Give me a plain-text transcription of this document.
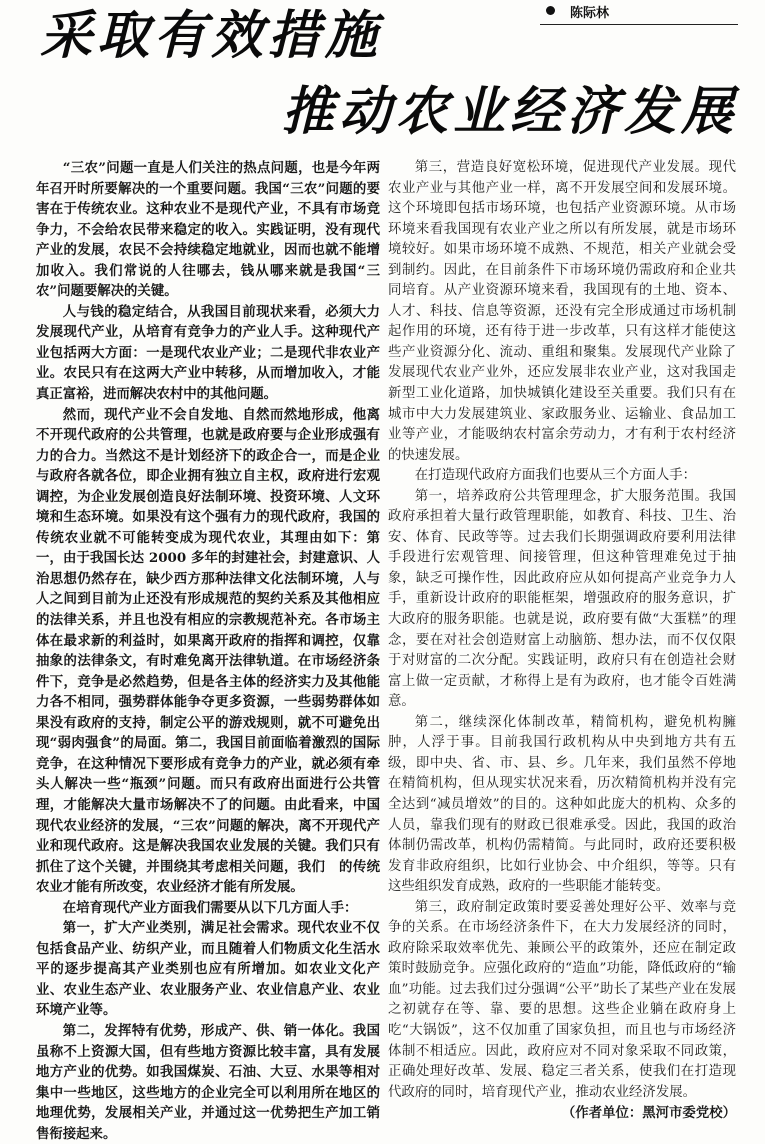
采取有效措施
推动农业经济发展
陈际林

“三农”问题一直是人们关注的热点问题，也是今年两年召开时所要解决的一个重要问题。我国“三农”问题的要害在于传统农业。这种农业不是现代产业，不具有市场竞争力，不会给农民带来稳定的收入。实践证明，没有现代产业的发展，农民不会持续稳定地就业，因而也就不能增加收入。我们常说的人往哪去，钱从哪来就是我国“三农”问题要解决的关键。

人与钱的稳定结合，从我国目前现状来看，必须大力发展现代产业，从培育有竞争力的产业人手。这种现代产业包括两大方面：一是现代农业产业；二是现代非农业产业。农民只有在这两大产业中转移，从而增加收入，才能真正富裕，进而解决农村中的其他问题。

然而，现代产业不会自发地、自然而然地形成，他离不开现代政府的公共管理，也就是政府要与企业形成强有力的合力。当然这不是计划经济下的政企合一，而是企业与政府各就各位，即企业拥有独立自主权，政府进行宏观调控，为企业发展创造良好法制环境、投资环境、人文环境和生态环境。如果没有这个强有力的现代政府，我国的传统农业就不可能转变成为现代农业，其理由如下：第一，由于我国长达 2000 多年的封建社会，封建意识、人治思想仍然存在，缺少西方那种法律文化法制环境，人与人之间到目前为止还没有形成规范的契约关系及其他相应的法律关系，并且也没有相应的宗教规范补充。各市场主体在最求新的利益时，如果离开政府的指挥和调控，仅靠抽象的法律条文，有时难免离开法律轨道。在市场经济条件下，竞争是必然趋势，但是各主体的经济实力及其他能力各不相同，强势群体能争夺更多资源，一些弱势群体如果没有政府的支持，制定公平的游戏规则，就不可避免出现“弱肉强食”的局面。第二，我国目前面临着激烈的国际竞争，在这种情况下要形成有竞争力的产业，就必须有牵头人解决一些“瓶颈”问题。而只有政府出面进行公共管理，才能解决大量市场解决不了的问题。由此看来，中国现代农业经济的发展，“三农”问题的解决，离不开现代产业和现代政府。这是解决我国农业发展的关键。我们只有抓住了这个关键，并围绕其考虑相关问题，我们　的传统农业才能有所改变，农业经济才能有所发展。

在培育现代产业方面我们需要从以下几方面人手：

第一，扩大产业类别，满足社会需求。现代农业不仅包括食品产业、纺织产业，而且随着人们物质文化生活水平的逐步提高其产业类别也应有所增加。如农业文化产业、农业生态产业、农业服务产业、农业信息产业、农业环境产业等。

第二，发挥特有优势，形成产、供、销一体化。我国虽称不上资源大国，但有些地方资源比较丰富，具有发展地方产业的优势。如我国煤炭、石油、大豆、水果等相对集中一些地区，这些地方的企业完全可以利用所在地区的地理优势，发展相关产业，并通过这一优势把生产加工销售衔接起来。

第三，营造良好宽松环境，促进现代产业发展。现代农业产业与其他产业一样，离不开发展空间和发展环境。这个环境即包括市场环境，也包括产业资源环境。从市场环境来看我国现有农业产业之所以有所发展，就是市场环境较好。如果市场环境不成熟、不规范，相关产业就会受到制约。因此，在目前条件下市场环境仍需政府和企业共同培育。从产业资源环境来看，我国现有的土地、资本、人才、科技、信息等资源，还没有完全形成通过市场机制起作用的环境，还有待于进一步改革，只有这样才能使这些产业资源分化、流动、重组和聚集。发展现代产业除了发展现代农业产业外，还应发展非农业产业，这对我国走新型工业化道路，加快城镇化建设至关重要。我们只有在城市中大力发展建筑业、家政服务业、运输业、食品加工业等产业，才能吸纳农村富余劳动力，才有利于农村经济的快速发展。

在打造现代政府方面我们也要从三个方面人手：

第一，培养政府公共管理理念，扩大服务范围。我国政府承担着大量行政管理职能，如教育、科技、卫生、治安、体育、民政等等。过去我们长期强调政府要利用法律手段进行宏观管理、间接管理，但这种管理难免过于抽象，缺乏可操作性，因此政府应从如何提高产业竞争力人手，重新设计政府的职能框架，增强政府的服务意识，扩大政府的服务职能。也就是说，政府要有做“大蛋糕”的理念，要在对社会创造财富上动脑筋、想办法，而不仅仅限于对财富的二次分配。实践证明，政府只有在创造社会财富上做一定贡献，才称得上是有为政府，也才能令百姓满意。

第二，继续深化体制改革，精简机构，避免机构臃肿，人浮于事。目前我国行政机构从中央到地方共有五级，即中央、省、市、县、乡。几年来，我们虽然不停地在精简机构，但从现实状况来看，历次精简机构并没有完全达到“减员增效”的目的。这种如此庞大的机构、众多的人员，靠我们现有的财政已很难承受。因此，我国的政治体制仍需改革，机构仍需精简。与此同时，政府还要积极发育非政府组织，比如行业协会、中介组织，等等。只有这些组织发育成熟，政府的一些职能才能转变。

第三，政府制定政策时要妥善处理好公平、效率与竞争的关系。在市场经济条件下，在大力发展经济的同时，政府除采取效率优先、兼顾公平的政策外，还应在制定政策时鼓励竞争。应强化政府的“造血”功能，降低政府的“输血”功能。过去我们过分强调“公平”助长了某些产业在发展之初就存在等、靠、要的思想。这些企业躺在政府身上吃“大锅饭”，这不仅加重了国家负担，而且也与市场经济体制不相适应。因此，政府应对不同对象采取不同政策，正确处理好改革、发展、稳定三者关系，使我们在打造现代政府的同时，培育现代产业，推动农业经济发展。

（作者单位：黑河市委党校）
